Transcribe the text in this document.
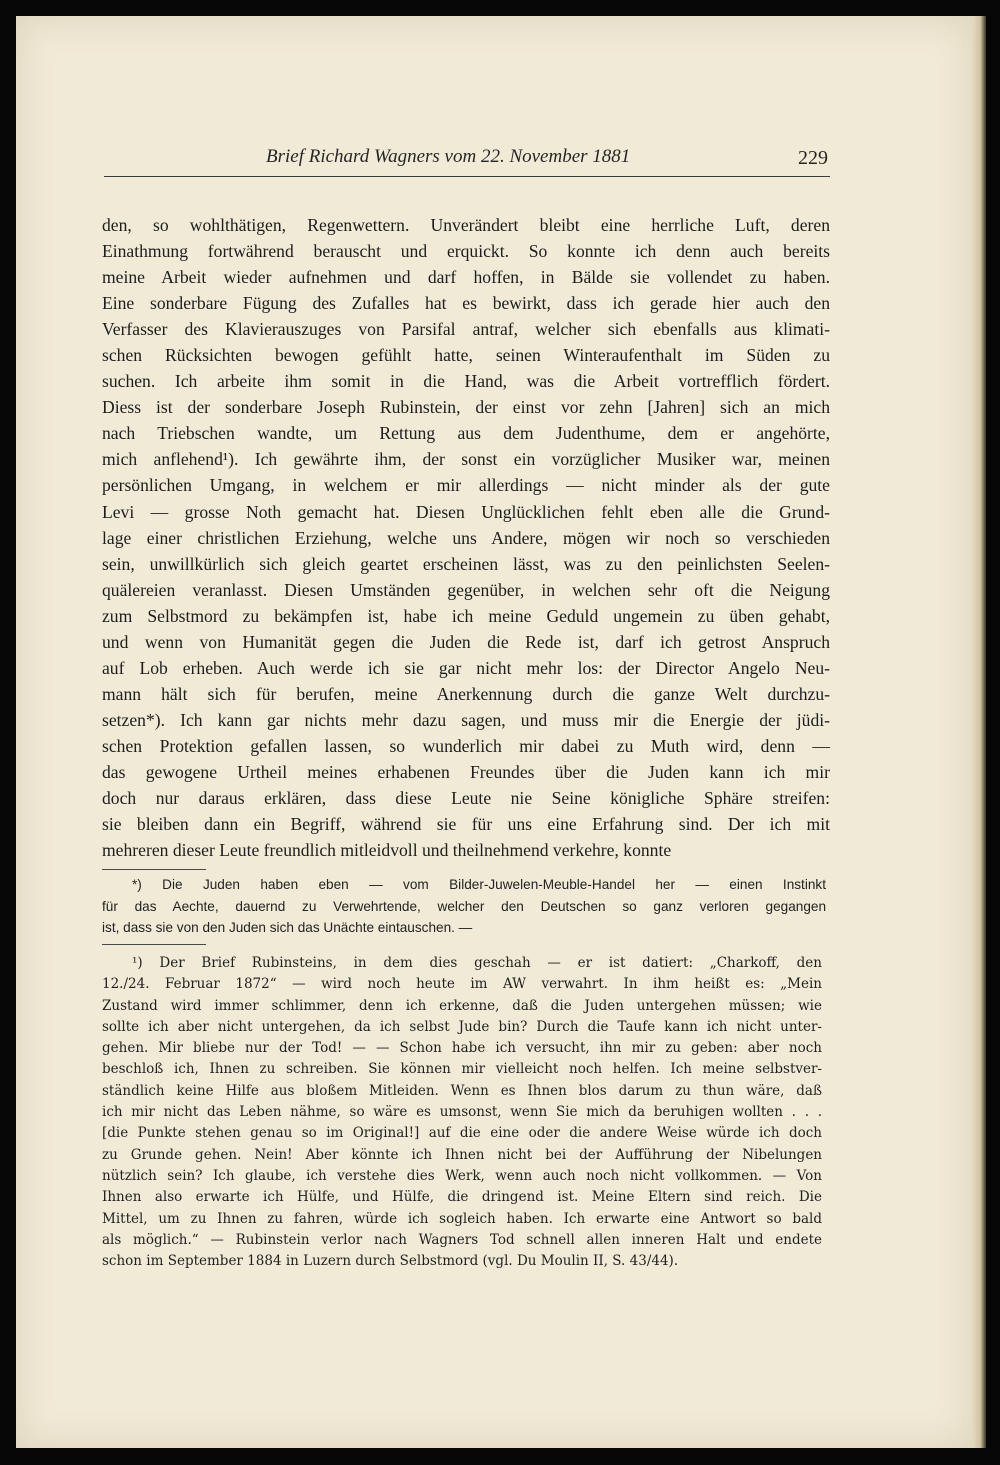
Brief Richard Wagners vom 22. November 1881	229
den, so wohlthätigen, Regenwettern. Unverändert bleibt eine herrliche Luft, deren
Einathmung fortwährend berauscht und erquickt. So konnte ich denn auch bereits
meine Arbeit wieder aufnehmen und darf hoffen, in Bälde sie vollendet zu haben.
Eine sonderbare Fügung des Zufalles hat es bewirkt, dass ich gerade hier auch den
Verfasser des Klavierauszuges von Parsifal antraf, welcher sich ebenfalls aus klimati-
schen Rücksichten bewogen gefühlt hatte, seinen Winteraufenthalt im Süden zu
suchen. Ich arbeite ihm somit in die Hand, was die Arbeit vortrefflich fördert.
Diess ist der sonderbare Joseph Rubinstein, der einst vor zehn [Jahren] sich an mich
nach Triebschen wandte, um Rettung aus dem Judenthume, dem er angehörte,
mich anflehend¹). Ich gewährte ihm, der sonst ein vorzüglicher Musiker war, meinen
persönlichen Umgang, in welchem er mir allerdings — nicht minder als der gute
Levi — grosse Noth gemacht hat. Diesen Unglücklichen fehlt eben alle die Grund-
lage einer christlichen Erziehung, welche uns Andere, mögen wir noch so verschieden
sein, unwillkürlich sich gleich geartet erscheinen lässt, was zu den peinlichsten Seelen-
quälereien veranlasst. Diesen Umständen gegenüber, in welchen sehr oft die Neigung
zum Selbstmord zu bekämpfen ist, habe ich meine Geduld ungemein zu üben gehabt,
und wenn von Humanität gegen die Juden die Rede ist, darf ich getrost Anspruch
auf Lob erheben. Auch werde ich sie gar nicht mehr los: der Director Angelo Neu-
mann hält sich für berufen, meine Anerkennung durch die ganze Welt durchzu-
setzen*). Ich kann gar nichts mehr dazu sagen, und muss mir die Energie der jüdi-
schen Protektion gefallen lassen, so wunderlich mir dabei zu Muth wird, denn —
das gewogene Urtheil meines erhabenen Freundes über die Juden kann ich mir
doch nur daraus erklären, dass diese Leute nie Seine königliche Sphäre streifen:
sie bleiben dann ein Begriff, während sie für uns eine Erfahrung sind. Der ich mit
mehreren dieser Leute freundlich mitleidvoll und theilnehmend verkehre, konnte
*) Die Juden haben eben — vom Bilder-Juwelen-Meuble-Handel her — einen Instinkt
für das Aechte, dauernd zu Verwehrtende, welcher den Deutschen so ganz verloren gegangen
ist, dass sie von den Juden sich das Unächte eintauschen. —
¹) Der Brief Rubinsteins, in dem dies geschah — er ist datiert: „Charkoff, den
12./24. Februar 1872“ — wird noch heute im AW verwahrt. In ihm heißt es: „Mein
Zustand wird immer schlimmer, denn ich erkenne, daß die Juden untergehen müssen; wie
sollte ich aber nicht untergehen, da ich selbst Jude bin? Durch die Taufe kann ich nicht unter-
gehen. Mir bliebe nur der Tod! — — Schon habe ich versucht, ihn mir zu geben: aber noch
beschloß ich, Ihnen zu schreiben. Sie können mir vielleicht noch helfen. Ich meine selbstver-
ständlich keine Hilfe aus bloßem Mitleiden. Wenn es Ihnen blos darum zu thun wäre, daß
ich mir nicht das Leben nähme, so wäre es umsonst, wenn Sie mich da beruhigen wollten . . .
[die Punkte stehen genau so im Original!] auf die eine oder die andere Weise würde ich doch
zu Grunde gehen. Nein! Aber könnte ich Ihnen nicht bei der Aufführung der Nibelungen
nützlich sein? Ich glaube, ich verstehe dies Werk, wenn auch noch nicht vollkommen. — Von
Ihnen also erwarte ich Hülfe, und Hülfe, die dringend ist. Meine Eltern sind reich. Die
Mittel, um zu Ihnen zu fahren, würde ich sogleich haben. Ich erwarte eine Antwort so bald
als möglich.“ — Rubinstein verlor nach Wagners Tod schnell allen inneren Halt und endete
schon im September 1884 in Luzern durch Selbstmord (vgl. Du Moulin II, S. 43/44).
